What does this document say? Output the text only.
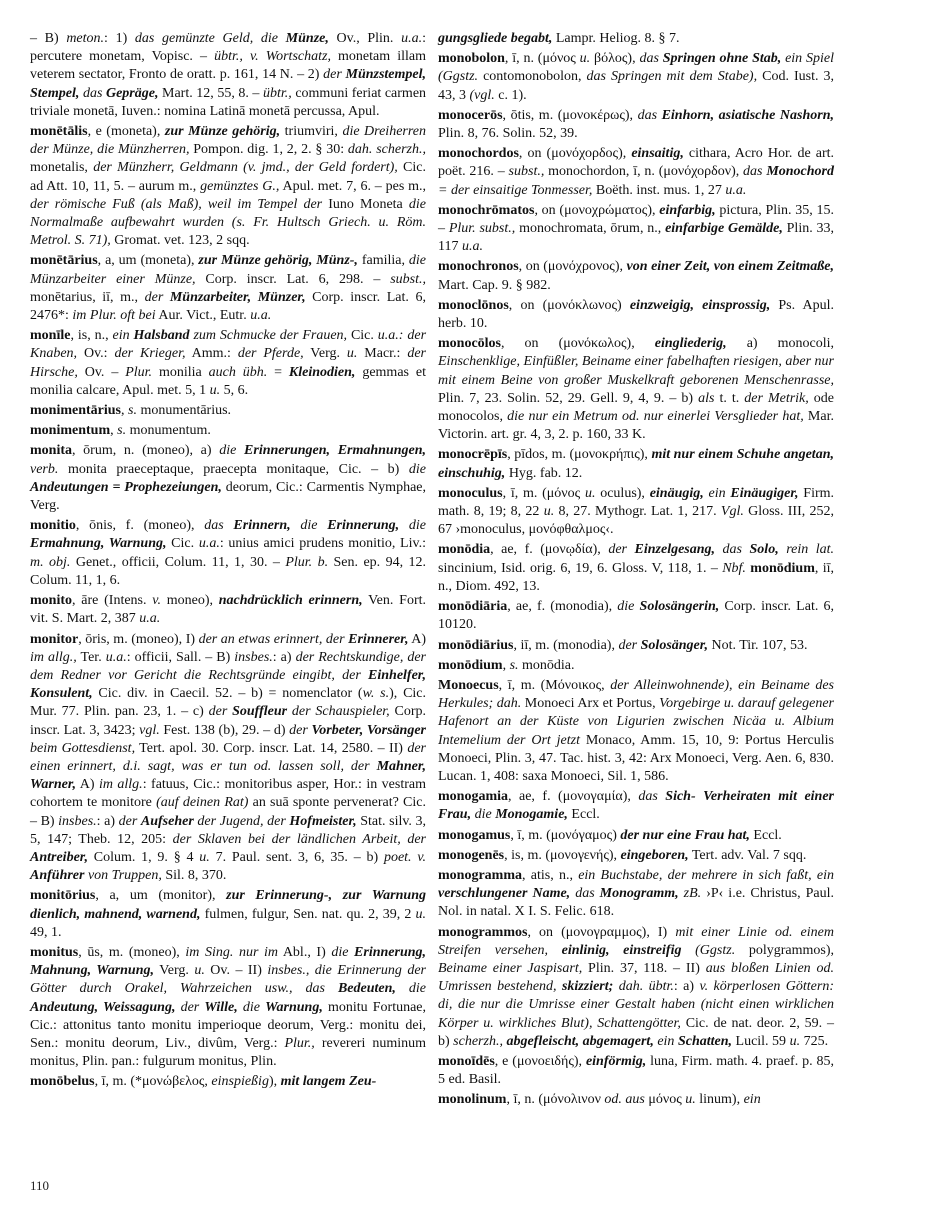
– B) meton.: 1) das gemünzte Geld, die Münze, Ov., Plin. u.a.: percutere monetam, Vopisc. – übtr., v. Wortschatz, monetam illam veterem sectator, Fronto de oratt. p. 161, 14 N. – 2) der Münzstempel, Stempel, das Gepräge, Mart. 12, 55, 8. – übtr., communi feriat carmen triviale monetā, Iuven.: nomina Latinā monetā percussa, Apul.

monētālis, e (moneta), zur Münze gehörig, triumviri, die Dreiherren der Münze, die Münzherren, Pompon. dig. 1, 2, 2. § 30: dah. scherzh., monetalis, der Münzherr, Geldmann (v. jmd., der Geld fordert), Cic. ad Att. 10, 11, 5. – aurum m., gemünztes G., Apul. met. 7, 6. – pes m., der römische Fuß (als Maß), weil im Tempel der Iuno Moneta die Normalmaße aufbewahrt wurden (s. Fr. Hultsch Griech. u. Röm. Metrol. S. 71), Gromat. vet. 123, 2 sqq.

monētārius, a, um (moneta), zur Münze gehörig, Münz-, familia, die Münzarbeiter einer Münze, Corp. inscr. Lat. 6, 298. – subst., monētarius, iī, m., der Münzarbeiter, Münzer, Corp. inscr. Lat. 6, 2476*: im Plur. oft bei Aur. Vict., Eutr. u.a.

monīle, is, n., ein Halsband zum Schmucke der Frauen, Cic. u.a.: der Knaben, Ov.: der Krieger, Amm.: der Pferde, Verg. u. Macr.: der Hirsche, Ov. – Plur. monilia auch übh. = Kleinodien, gemmas et monilia calcare, Apul. met. 5, 1 u. 5, 6.

monimentārius, s. monumentārius.

monimentum, s. monumentum.

monita, ōrum, n. (moneo), a) die Erinnerungen, Ermahnungen, verb. monita praeceptaque, praecepta monitaque, Cic. – b) die Andeutungen = Prophezeiungen, deorum, Cic.: Carmentis Nymphae, Verg.

monitio, ōnis, f. (moneo), das Erinnern, die Erinnerung, die Ermahnung, Warnung, Cic. u.a.: unius amici prudens monitio, Liv.: m. obj. Genet., officii, Colum. 11, 1, 30. – Plur. b. Sen. ep. 94, 12. Colum. 11, 1, 6.

monito, āre (Intens. v. moneo), nachdrücklich erinnern, Ven. Fort. vit. S. Mart. 2, 387 u.a.

monitor, ōris, m. (moneo), I) der an etwas erinnert, der Erinnerer, A) im allg., Ter. u.a.: officii, Sall. – B) insbes.: a) der Rechtskundige, der dem Redner vor Gericht die Rechtsgründe eingibt, der Einhelfer, Konsulent, Cic. div. in Caecil. 52. – b) = nomenclator (w. s.), Cic. Mur. 77. Plin. pan. 23, 1. – c) der Souffleur der Schauspieler, Corp. inscr. Lat. 3, 3423; vgl. Fest. 138 (b), 29. – d) der Vorbeter, Vorsänger beim Gottesdienst, Tert. apol. 30. Corp. inscr. Lat. 14, 2580. – II) der einen erinnert, d.i. sagt, was er tun od. lassen soll, der Mahner, Warner, A) im allg.: fatuus, Cic.: monitoribus asper, Hor.: in vestram cohortem te monitore (auf deinen Rat) an suā sponte pervenerat? Cic. – B) insbes.: a) der Aufseher der Jugend, der Hofmeister, Stat. silv. 3, 5, 147; Theb. 12, 205: der Sklaven bei der ländlichen Arbeit, der Antreiber, Colum. 1, 9. § 4 u. 7. Paul. sent. 3, 6, 35. – b) poet. v. Anführer von Truppen, Sil. 8, 370.

monitōrius, a, um (monitor), zur Erinnerung-, zur Warnung dienlich, mahnend, warnend, fulmen, fulgur, Sen. nat. qu. 2, 39, 2 u. 49, 1.

monitus, ūs, m. (moneo), im Sing. nur im Abl., I) die Erinnerung, Mahnung, Warnung, Verg. u. Ov. – II) insbes., die Erinnerung der Götter durch Orakel, Wahrzeichen usw., das Bedeuten, die Andeutung, Weissagung, der Wille, die Warnung, monitu Fortunae, Cic.: attonitus tanto monitu imperioque deorum, Verg.: monitu dei, Sen.: monitu deorum, Liv., divûm, Verg.: Plur., revereri numinum monitus, Plin. pan.: fulgurum monitus, Plin.

monōbelus, ī, m. (*μονώβελος, einspießig), mit langem Zeu-

gungsgliede begabt, Lampr. Heliog. 8. § 7.

monobolon, ī, n. (μόνος u. βόλος), das Springen ohne Stab, ein Spiel (Ggstz. contomonobolon, das Springen mit dem Stabe), Cod. Iust. 3, 43, 3 (vgl. c. 1).

monocerōs, ōtis, m. (μονοκέρως), das Einhorn, asiatische Nashorn, Plin. 8, 76. Solin. 52, 39.

monochordos, on (μονόχορδος), einsaitig, cithara, Acro Hor. de art. poët. 216. – subst., monochordon, ī, n. (μονόχορδον), das Monochord = der einsaitige Tonmesser, Boëth. inst. mus. 1, 27 u.a.

monochrōmatos, on (μονοχρώματος), einfarbig, pictura, Plin. 35, 15. – Plur. subst., monochromata, ōrum, n., einfarbige Gemälde, Plin. 33, 117 u.a.

monochronos, on (μονόχρονος), von einer Zeit, von einem Zeitmaße, Mart. Cap. 9. § 982.

monoclōnos, on (μονόκλωνος) einzweigig, einsprossig, Ps. Apul. herb. 10.

monocōlos, on (μονόκωλος), eingliederig, a) monocoli, Einschenklige, Einfüßler, Beiname einer fabelhaften riesigen, aber nur mit einem Beine von großer Muskelkraft geborenen Menschenrasse, Plin. 7, 23. Solin. 52, 29. Gell. 9, 4, 9. – b) als t. t. der Metrik, ode monocolos, die nur ein Metrum od. nur einerlei Versglieder hat, Mar. Victorin. art. gr. 4, 3, 2. p. 160, 33 K.

monocrēpīs, pīdos, m. (μονοκρήπις), mit nur einem Schuhe angetan, einschuhig, Hyg. fab. 12.

monoculus, ī, m. (μόνος u. oculus), einäugig, ein Einäugiger, Firm. math. 8, 19; 8, 22 u. 8, 27. Mythogr. Lat. 1, 217. Vgl. Gloss. III, 252, 67 ›monoculus, μονόφθαλμος‹.

monōdia, ae, f. (μονῳδία), der Einzelgesang, das Solo, rein lat. sincinium, Isid. orig. 6, 19, 6. Gloss. V, 118, 1. – Nbf. monōdium, iī, n., Diom. 492, 13.

monōdiāria, ae, f. (monodia), die Solosängerin, Corp. inscr. Lat. 6, 10120.

monōdiārius, iī, m. (monodia), der Solosänger, Not. Tir. 107, 53.

monōdium, s. monōdia.

Monoecus, ī, m. (Μόνοικος, der Alleinwohnende), ein Beiname des Herkules; dah. Monoeci Arx et Portus, Vorgebirge u. darauf gelegener Hafenort an der Küste von Ligurien zwischen Nicäa u. Albium Intemelium der Ort jetzt Monaco, Amm. 15, 10, 9: Portus Herculis Monoeci, Plin. 3, 47. Tac. hist. 3, 42: Arx Monoeci, Verg. Aen. 6, 830. Lucan. 1, 408: saxa Monoeci, Sil. 1, 586.

monogamia, ae, f. (μονογαμία), das Sich- Verheiraten mit einer Frau, die Monogamie, Eccl.

monogamus, ī, m. (μονόγαμος) der nur eine Frau hat, Eccl.

monogenēs, is, m. (μονογενής), eingeboren, Tert. adv. Val. 7 sqq.

monogramma, atis, n., ein Buchstabe, der mehrere in sich faßt, ein verschlungener Name, das Monogramm, zB. ›P‹ i.e. Christus, Paul. Nol. in natal. X I. S. Felic. 618.

monogrammos, on (μονογραμμος), I) mit einer Linie od. einem Streifen versehen, einlinig, einstreifig (Ggstz. polygrammos), Beiname einer Jaspisart, Plin. 37, 118. – II) aus bloßen Linien od. Umrissen bestehend, skizziert; dah. übtr.: a) v. körperlosen Göttern: di, die nur die Umrisse einer Gestalt haben (nicht einen wirklichen Körper u. wirkliches Blut), Schattengötter, Cic. de nat. deor. 2, 59. – b) scherzh., abgefleischt, abgemagert, ein Schatten, Lucil. 59 u. 725.

monoīdēs, e (μονοειδής), einförmig, luna, Firm. math. 4. praef. p. 85, 5 ed. Basil.

monolinum, ī, n. (μόνολινον od. aus μόνος u. linum), ein

110
